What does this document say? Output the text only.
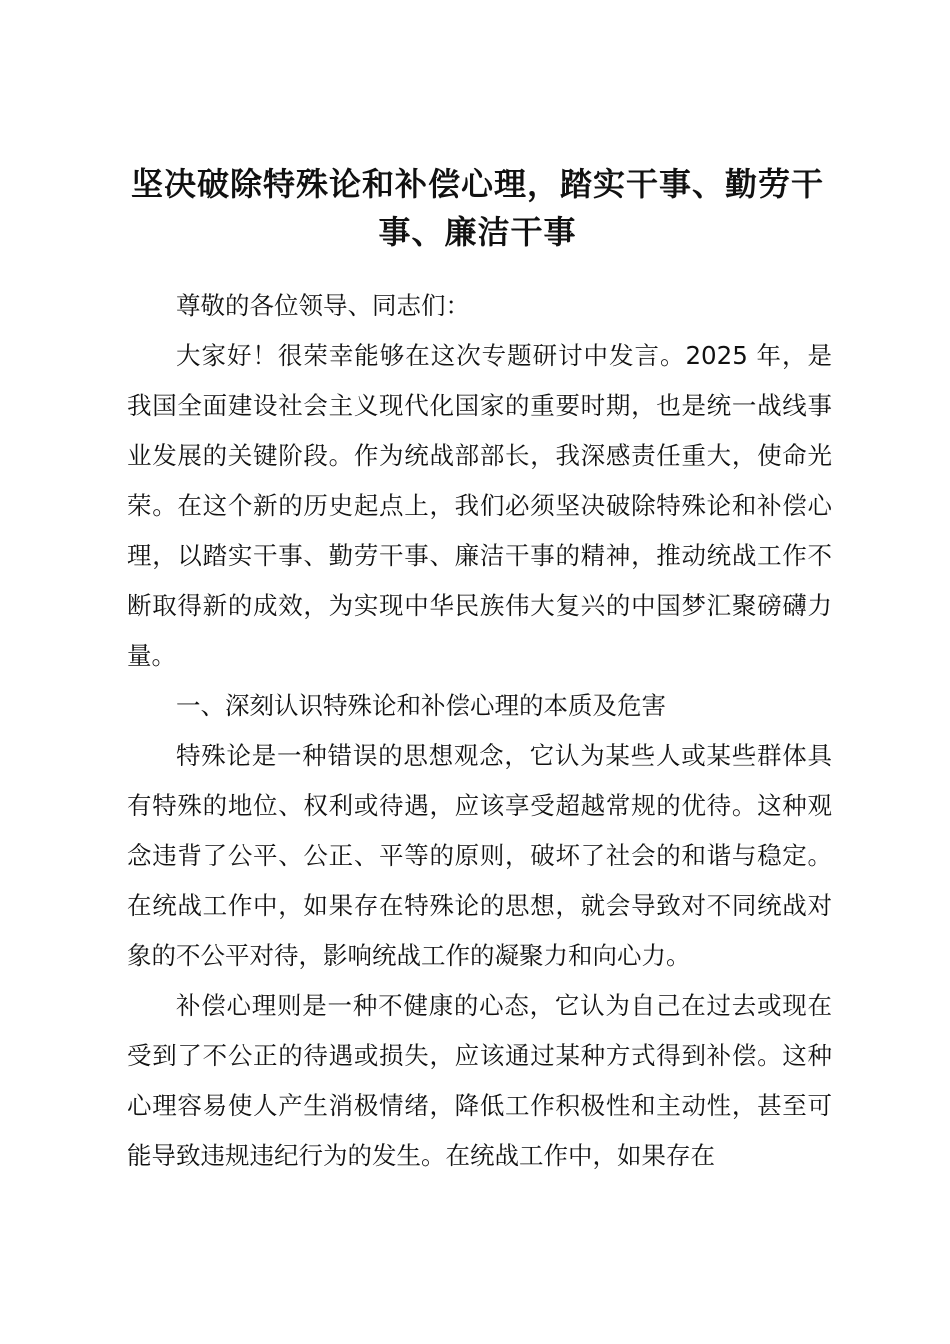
坚决破除特殊论和补偿心理，踏实干事、勤劳干事、廉洁干事
尊敬的各位领导、同志们：
大家好！很荣幸能够在这次专题研讨中发言。2025 年，是我国全面建设社会主义现代化国家的重要时期，也是统一战线事业发展的关键阶段。作为统战部部长，我深感责任重大，使命光荣。在这个新的历史起点上，我们必须坚决破除特殊论和补偿心理，以踏实干事、勤劳干事、廉洁干事的精神，推动统战工作不断取得新的成效，为实现中华民族伟大复兴的中国梦汇聚磅礴力量。
一、深刻认识特殊论和补偿心理的本质及危害
特殊论是一种错误的思想观念，它认为某些人或某些群体具有特殊的地位、权利或待遇，应该享受超越常规的优待。这种观念违背了公平、公正、平等的原则，破坏了社会的和谐与稳定。在统战工作中，如果存在特殊论的思想，就会导致对不同统战对象的不公平对待，影响统战工作的凝聚力和向心力。
补偿心理则是一种不健康的心态，它认为自己在过去或现在受到了不公正的待遇或损失，应该通过某种方式得到补偿。这种心理容易使人产生消极情绪，降低工作积极性和主动性，甚至可能导致违规违纪行为的发生。在统战工作中，如果存在
